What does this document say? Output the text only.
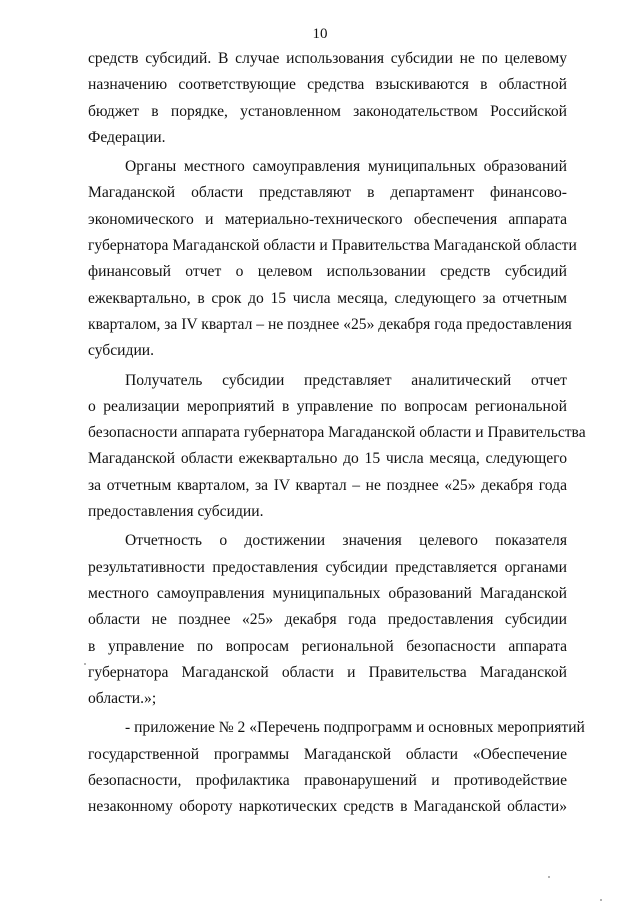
10
средств субсидий. В случае использования субсидии не по целевому
назначению соответствующие средства взыскиваются в областной
бюджет в порядке, установленном законодательством Российской
Федерации.
Органы местного самоуправления муниципальных образований
Магаданской области представляют в департамент финансово-
экономического и материально-технического обеспечения аппарата
губернатора Магаданской области и Правительства Магаданской области
финансовый отчет о целевом использовании средств субсидий
ежеквартально, в срок до 15 числа месяца, следующего за отчетным
кварталом, за IV квартал – не позднее «25» декабря года предоставления
субсидии.
Получатель субсидии представляет аналитический отчет
о реализации мероприятий в управление по вопросам региональной
безопасности аппарата губернатора Магаданской области и Правительства
Магаданской области ежеквартально до 15 числа месяца, следующего
за отчетным кварталом, за IV квартал – не позднее «25» декабря года
предоставления субсидии.
Отчетность о достижении значения целевого показателя
результативности предоставления субсидии представляется органами
местного самоуправления муниципальных образований Магаданской
области не позднее «25» декабря года предоставления субсидии
в управление по вопросам региональной безопасности аппарата
губернатора Магаданской области и Правительства Магаданской
области.»;
- приложение № 2 «Перечень подпрограмм и основных мероприятий
государственной программы Магаданской области «Обеспечение
безопасности, профилактика правонарушений и противодействие
незаконному обороту наркотических средств в Магаданской области»
